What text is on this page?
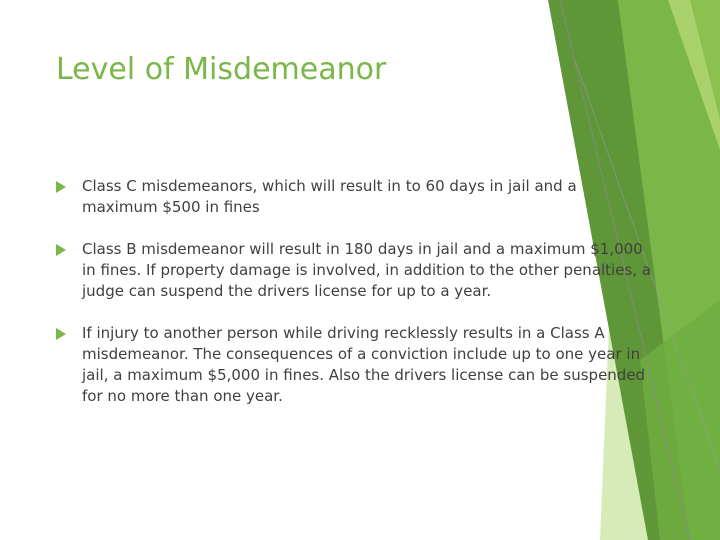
Level of Misdemeanor
Class C misdemeanors, which will result in to 60 days in jail and a maximum $500 in fines
Class B misdemeanor will result in 180 days in jail and a maximum $1,000 in fines. If property damage is involved, in addition to the other penalties, a judge can suspend the drivers license for up to a year.
If injury to another person while driving recklessly results in a Class A misdemeanor. The consequences of a conviction include up to one year in jail, a maximum $5,000 in fines. Also the drivers license can be suspended for no more than one year.
